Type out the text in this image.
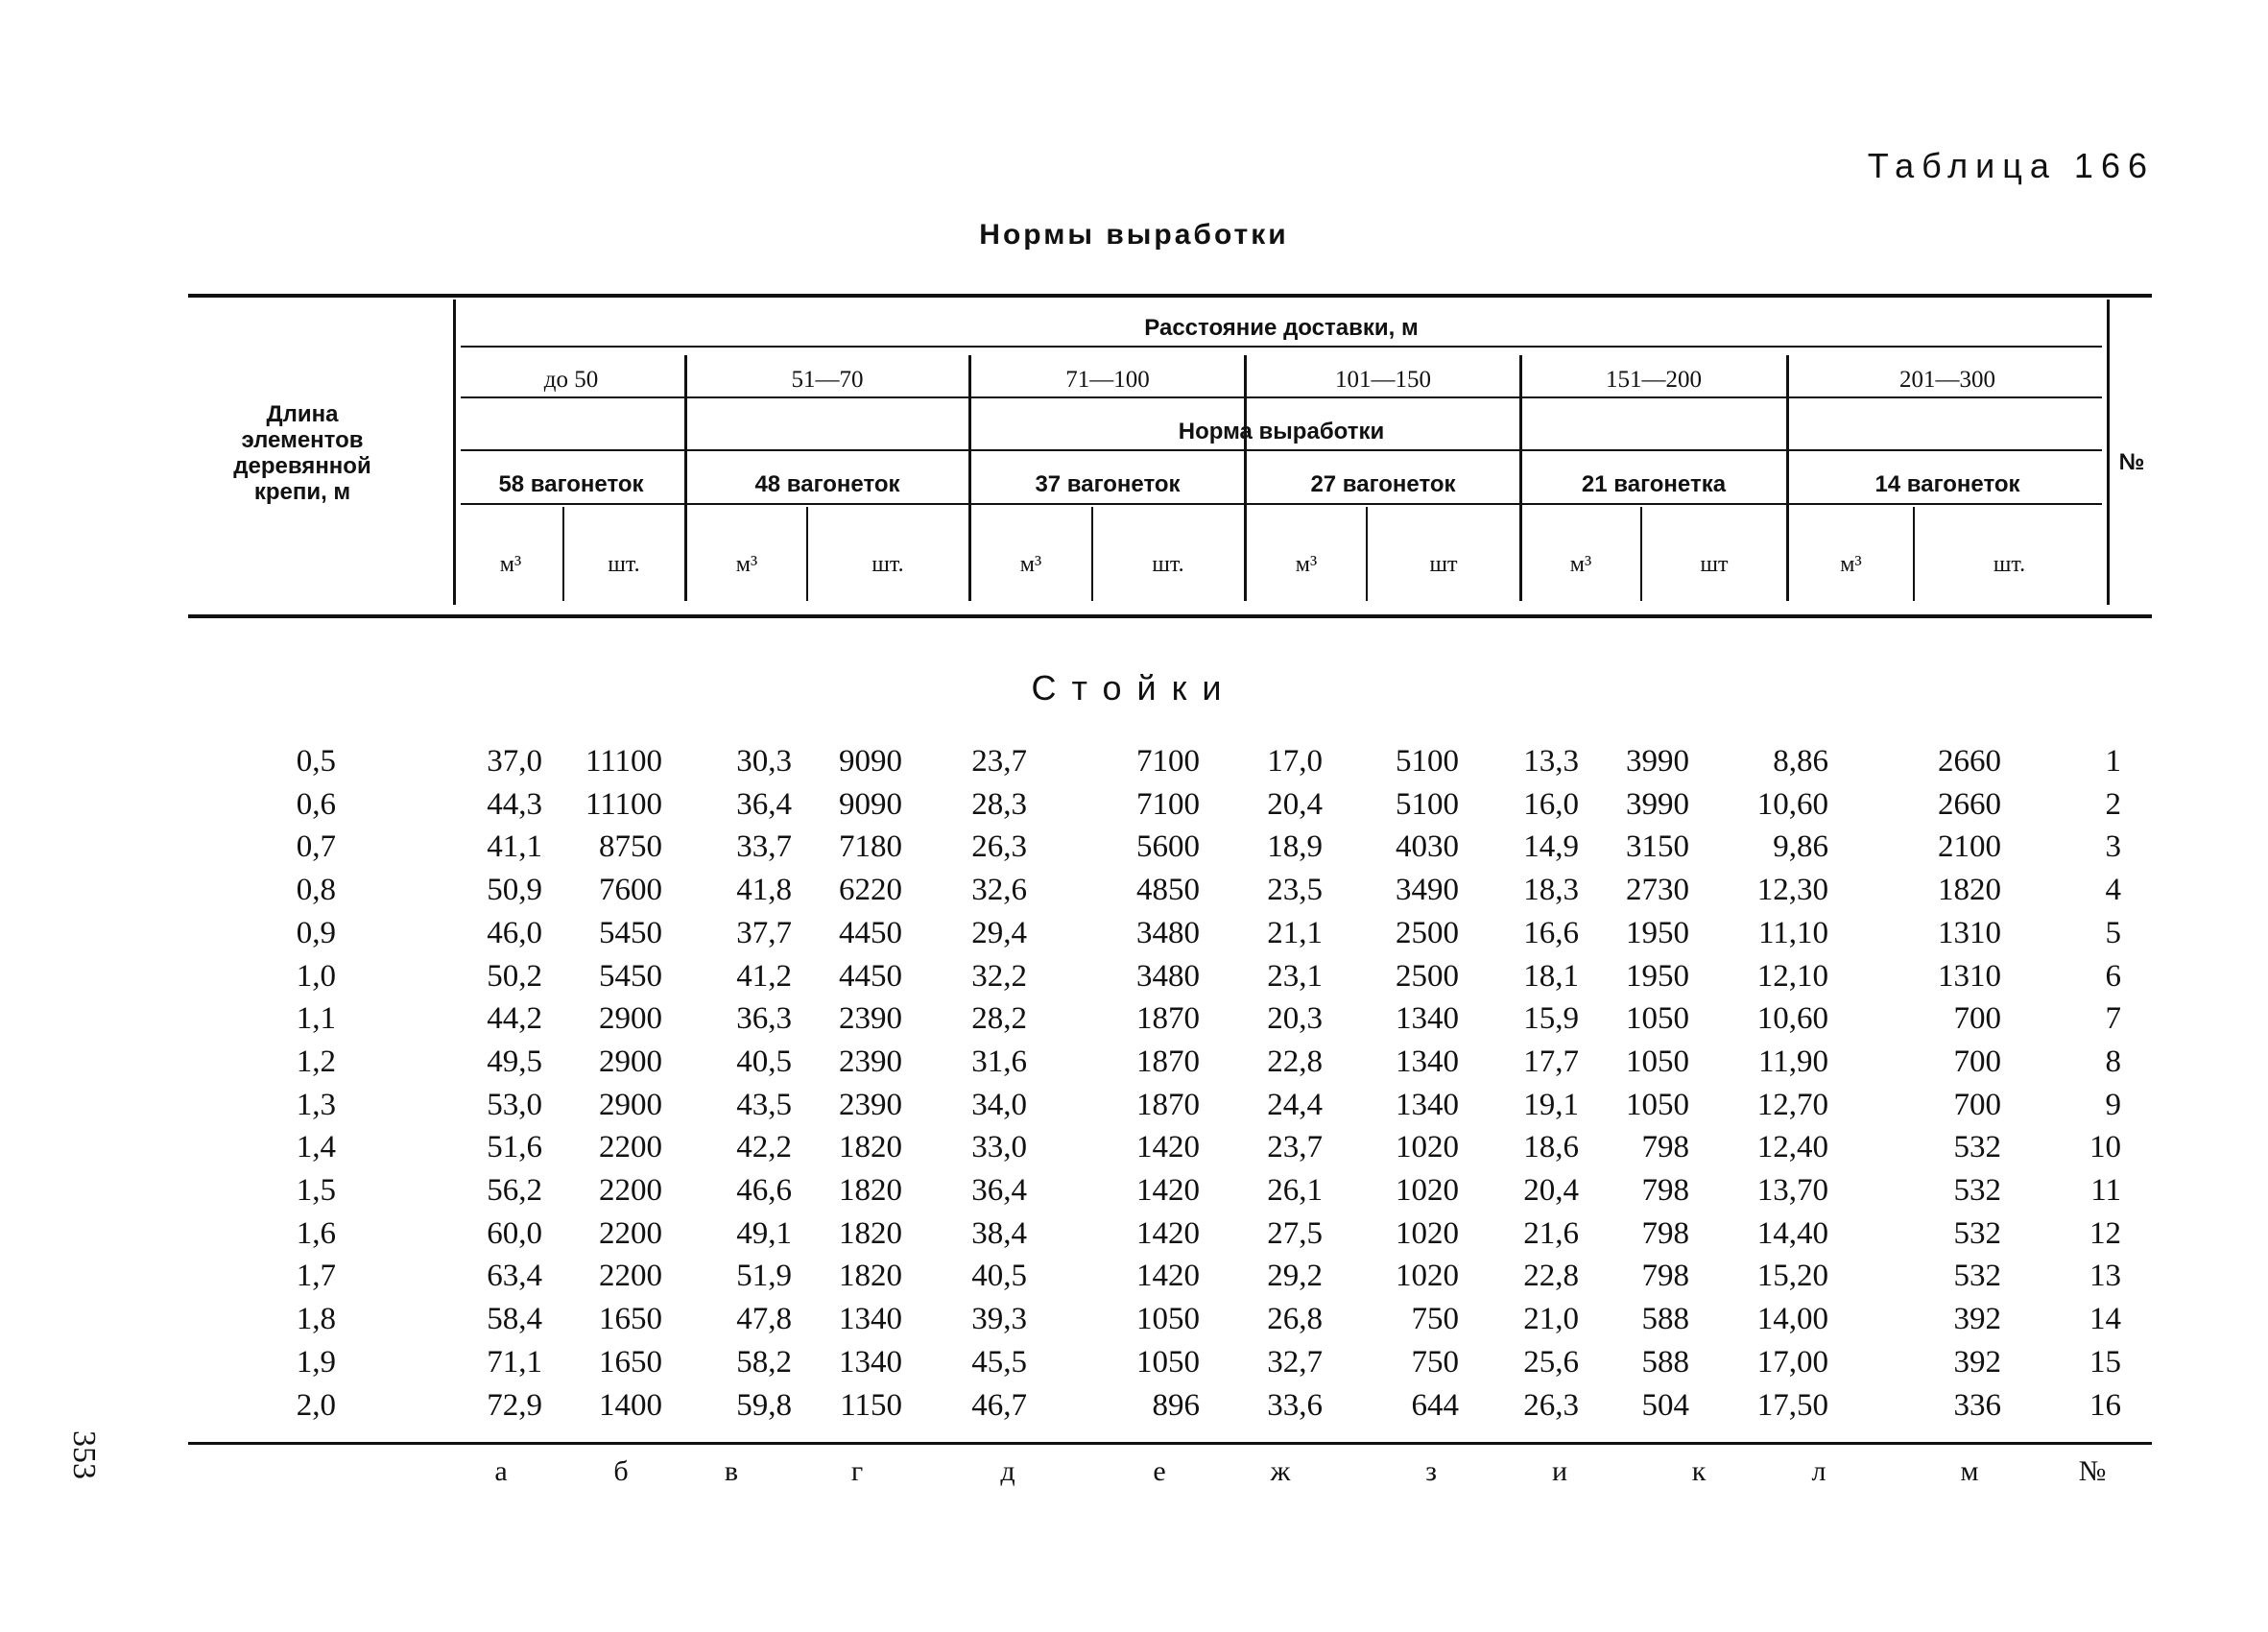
Таблица 166
Нормы выработки
Длина
элементов
деревянной
крепи, м
Расстояние доставки, м
Норма выработки
№
до 50	51—70	71—100	101—150	151—200	201—300
58 вагонеток	48 вагонеток	37 вагонеток	27 вагонеток	21 вагонетка	14 вагонеток
м³	шт.	м³	шт.	м³	шт.	м³	шт	м³	шт	м³	шт.
Стойки
0,5	37,0	11100	30,3	9090	23,7	7100	17,0	5100	13,3	3990	8,86	2660	1
0,6	44,3	11100	36,4	9090	28,3	7100	20,4	5100	16,0	3990	10,60	2660	2
0,7	41,1	8750	33,7	7180	26,3	5600	18,9	4030	14,9	3150	9,86	2100	3
0,8	50,9	7600	41,8	6220	32,6	4850	23,5	3490	18,3	2730	12,30	1820	4
0,9	46,0	5450	37,7	4450	29,4	3480	21,1	2500	16,6	1950	11,10	1310	5
1,0	50,2	5450	41,2	4450	32,2	3480	23,1	2500	18,1	1950	12,10	1310	6
1,1	44,2	2900	36,3	2390	28,2	1870	20,3	1340	15,9	1050	10,60	700	7
1,2	49,5	2900	40,5	2390	31,6	1870	22,8	1340	17,7	1050	11,90	700	8
1,3	53,0	2900	43,5	2390	34,0	1870	24,4	1340	19,1	1050	12,70	700	9
1,4	51,6	2200	42,2	1820	33,0	1420	23,7	1020	18,6	798	12,40	532	10
1,5	56,2	2200	46,6	1820	36,4	1420	26,1	1020	20,4	798	13,70	532	11
1,6	60,0	2200	49,1	1820	38,4	1420	27,5	1020	21,6	798	14,40	532	12
1,7	63,4	2200	51,9	1820	40,5	1420	29,2	1020	22,8	798	15,20	532	13
1,8	58,4	1650	47,8	1340	39,3	1050	26,8	750	21,0	588	14,00	392	14
1,9	71,1	1650	58,2	1340	45,5	1050	32,7	750	25,6	588	17,00	392	15
2,0	72,9	1400	59,8	1150	46,7	896	33,6	644	26,3	504	17,50	336	16
а	б	в	г	д	е	ж	з	и	к	л	м	№
353
